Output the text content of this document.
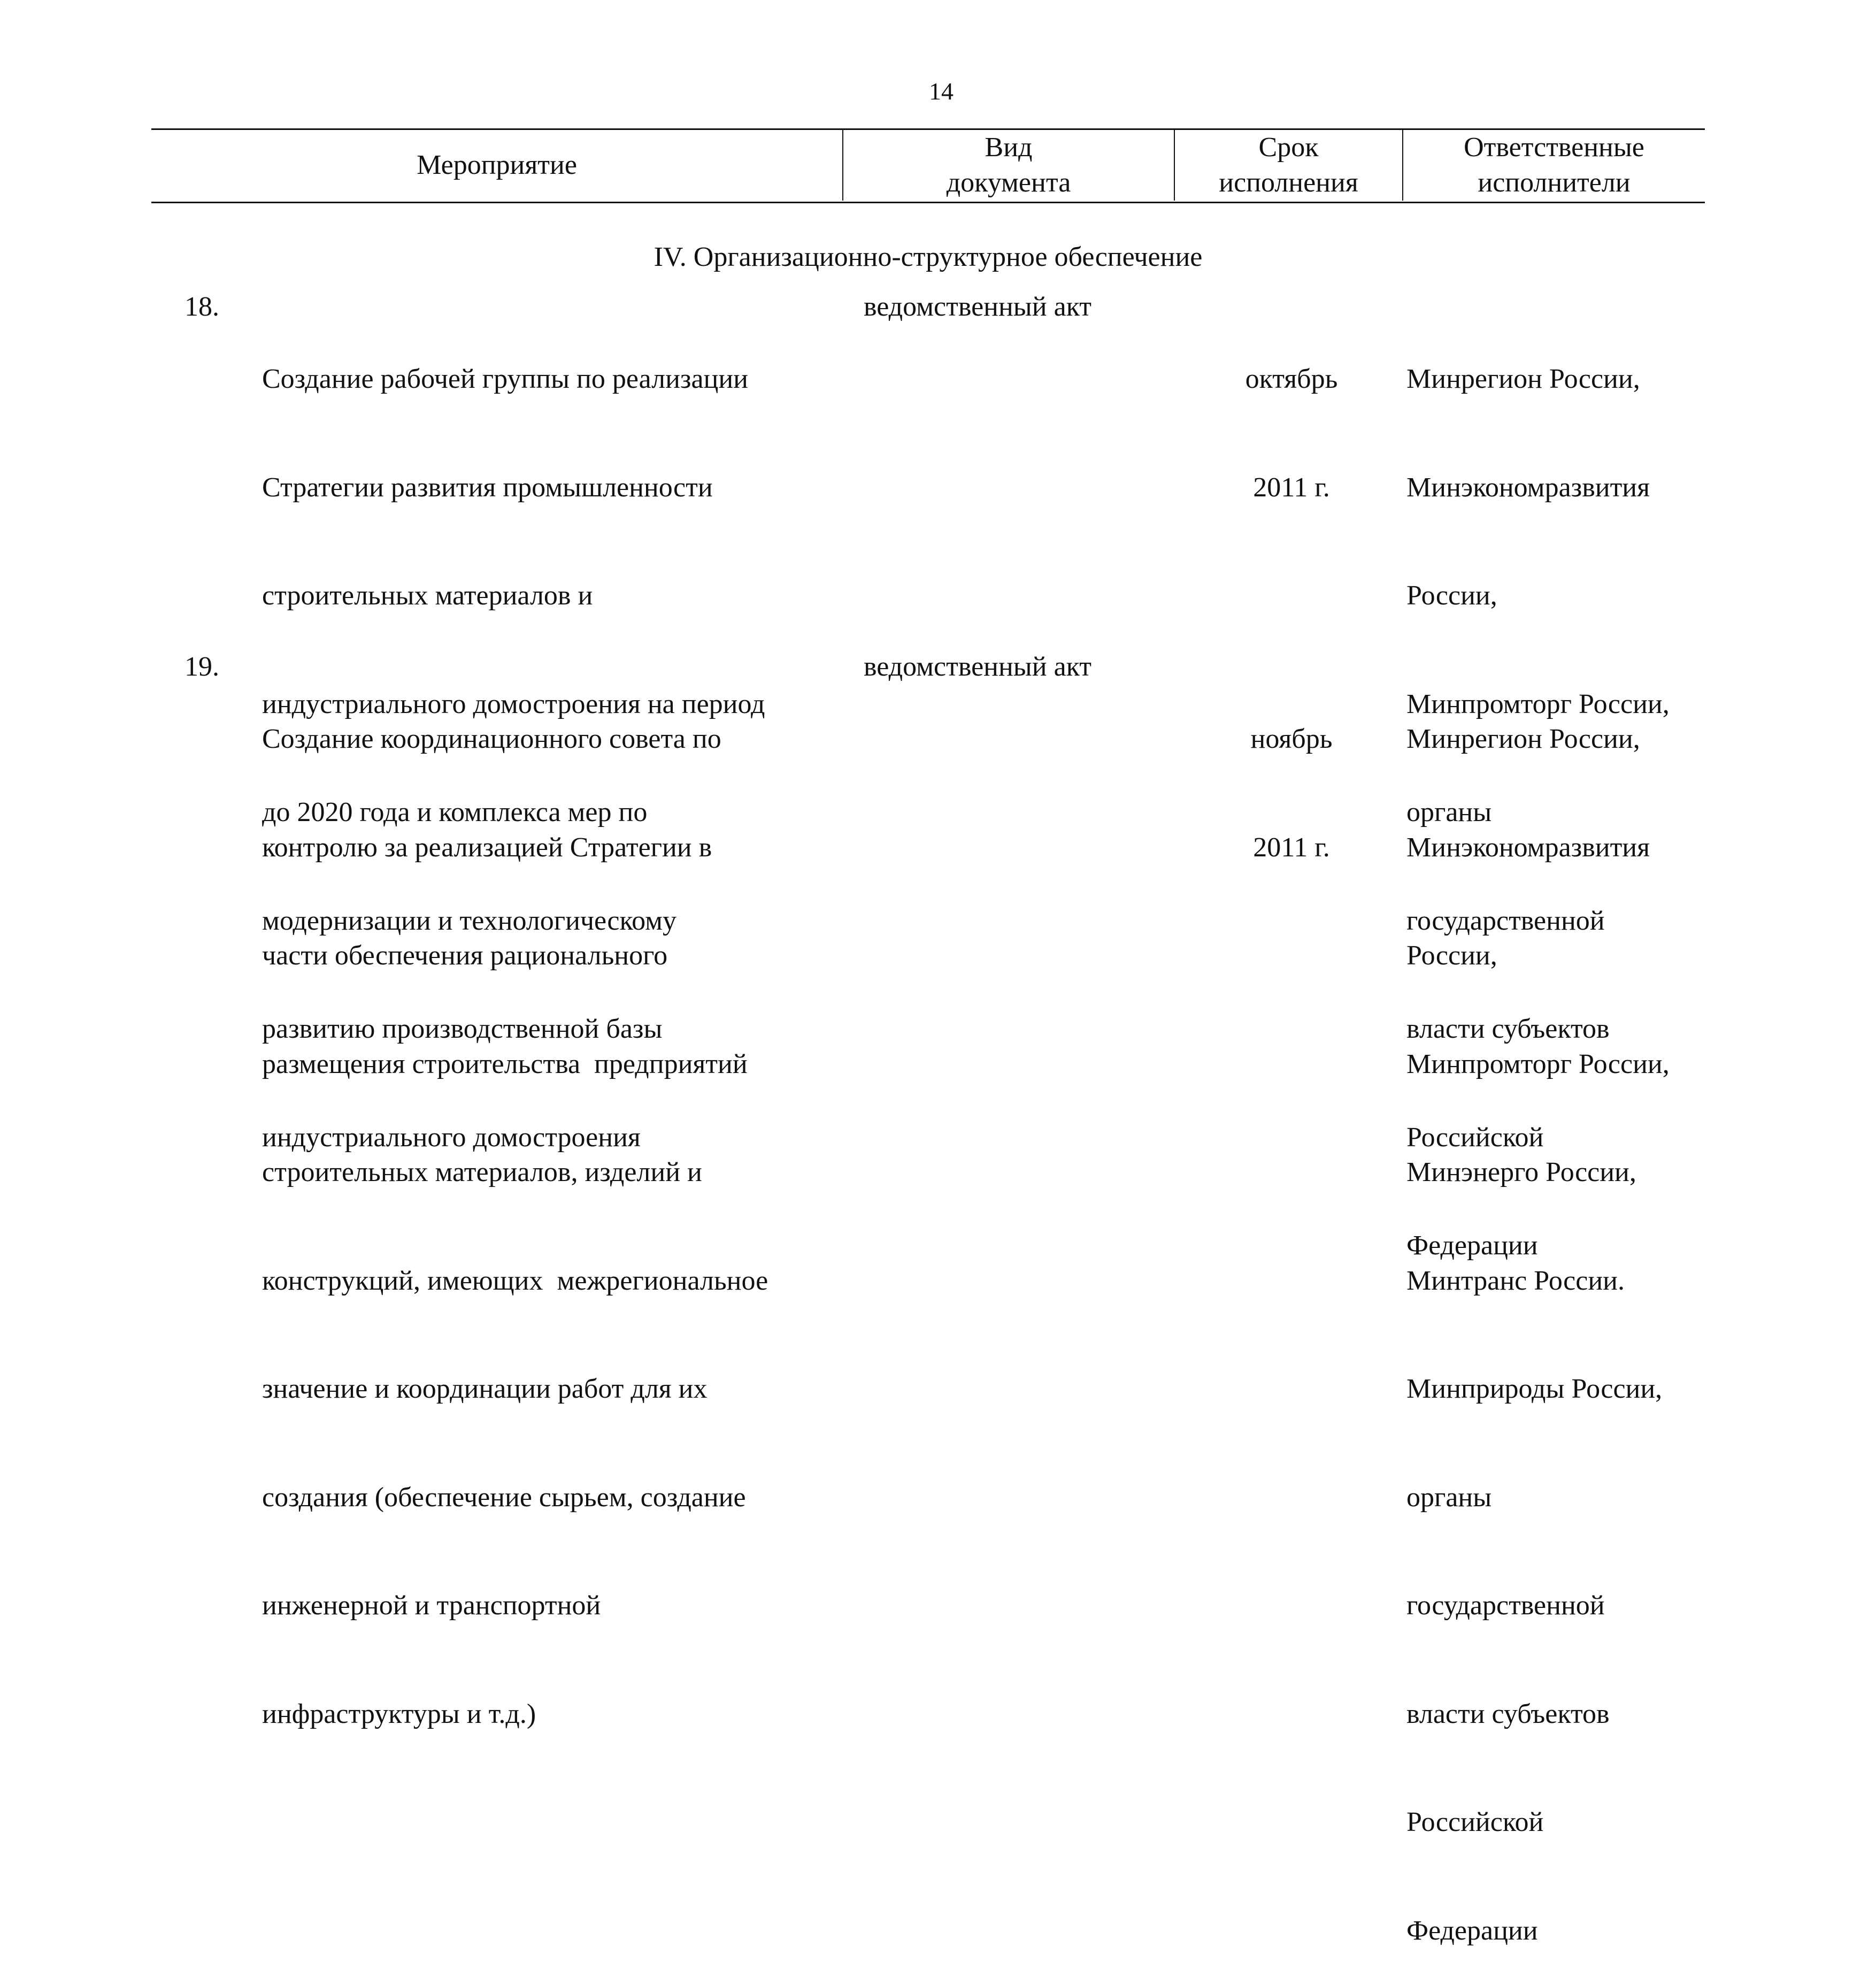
14
Мероприятие
Вид
документа
Срок
исполнения
Ответственные
исполнители
IV. Организационно-структурное обеспечение
18.

Создание рабочей группы по реализации

Стратегии развития промышленности

строительных материалов и

индустриального домостроения на период

до 2020 года и комплекса мер по

модернизации и технологическому

развитию производственной базы

индустриального домостроения

ведомственный акт

октябрь

2011 г.

Минрегион России,

Минэкономразвития

России,

Минпромторг России,

органы

государственной

власти субъектов

Российской

Федерации

19.

Создание координационного совета по

контролю за реализацией Стратегии в

части обеспечения рационального

размещения строительства  предприятий

строительных материалов, изделий и

конструкций, имеющих  межрегиональное

значение и координации работ для их

создания (обеспечение сырьем, создание

инженерной и транспортной

инфраструктуры и т.д.)

ведомственный акт

ноябрь

2011 г.

Минрегион России,

Минэкономразвития

России,

Минпромторг России,

Минэнерго России,

Минтранс России.

Минприроды России,

органы

государственной

власти субъектов

Российской

Федерации
